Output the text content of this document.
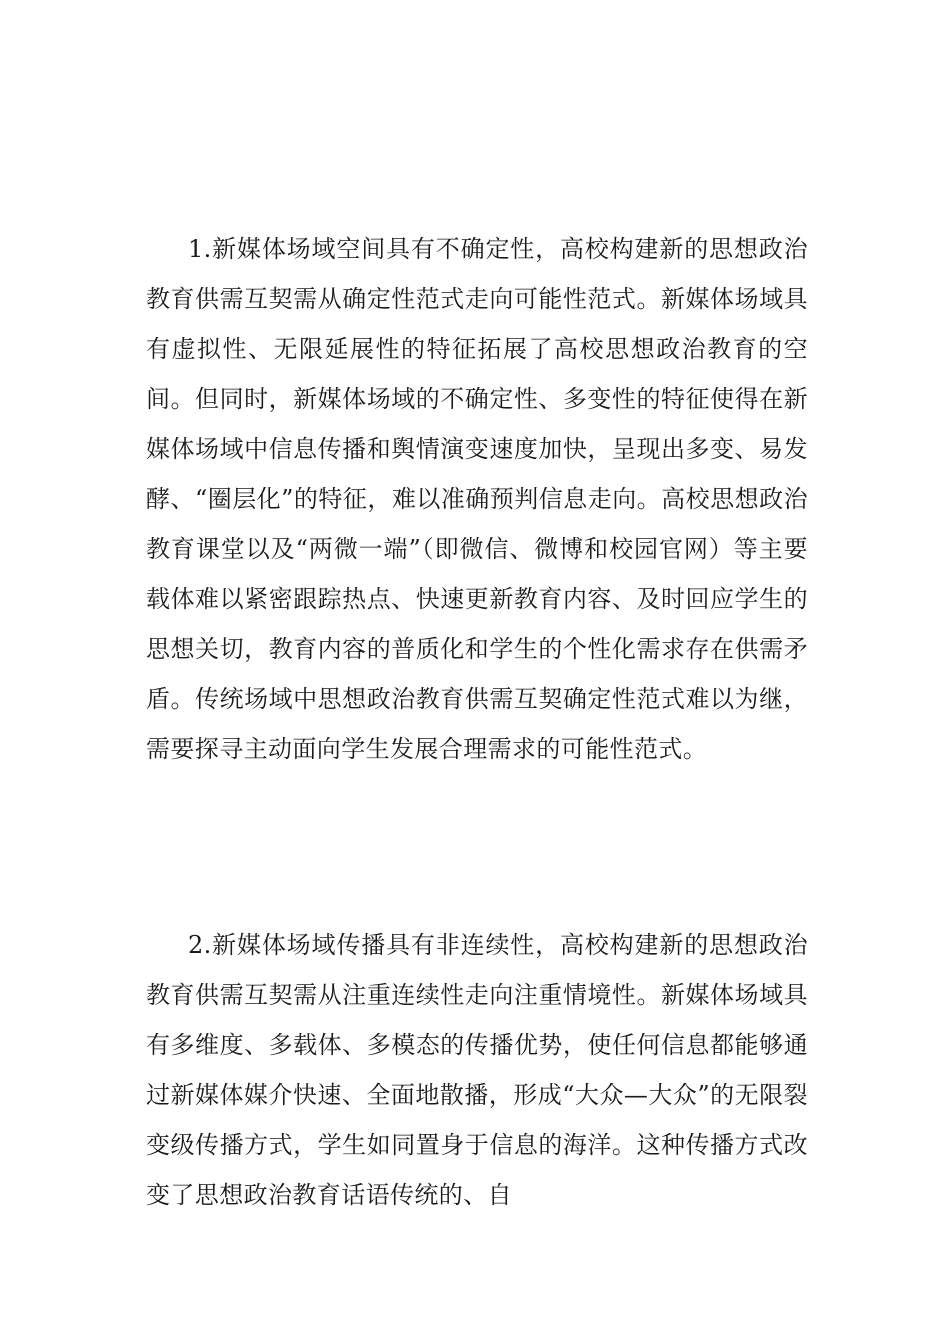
1.新媒体场域空间具有不确定性，高校构建新的思想政治教育供需互契需从确定性范式走向可能性范式。新媒体场域具有虚拟性、无限延展性的特征拓展了高校思想政治教育的空间。但同时，新媒体场域的不确定性、多变性的特征使得在新媒体场域中信息传播和舆情演变速度加快，呈现出多变、易发酵、“圈层化”的特征，难以准确预判信息走向。高校思想政治教育课堂以及“两微一端”（即微信、微博和校园官网）等主要载体难以紧密跟踪热点、快速更新教育内容、及时回应学生的思想关切，教育内容的普质化和学生的个性化需求存在供需矛盾。传统场域中思想政治教育供需互契确定性范式难以为继，需要探寻主动面向学生发展合理需求的可能性范式。

2.新媒体场域传播具有非连续性，高校构建新的思想政治教育供需互契需从注重连续性走向注重情境性。新媒体场域具有多维度、多载体、多模态的传播优势，使任何信息都能够通过新媒体媒介快速、全面地散播，形成“大众—大众”的无限裂变级传播方式，学生如同置身于信息的海洋。这种传播方式改变了思想政治教育话语传统的、自
